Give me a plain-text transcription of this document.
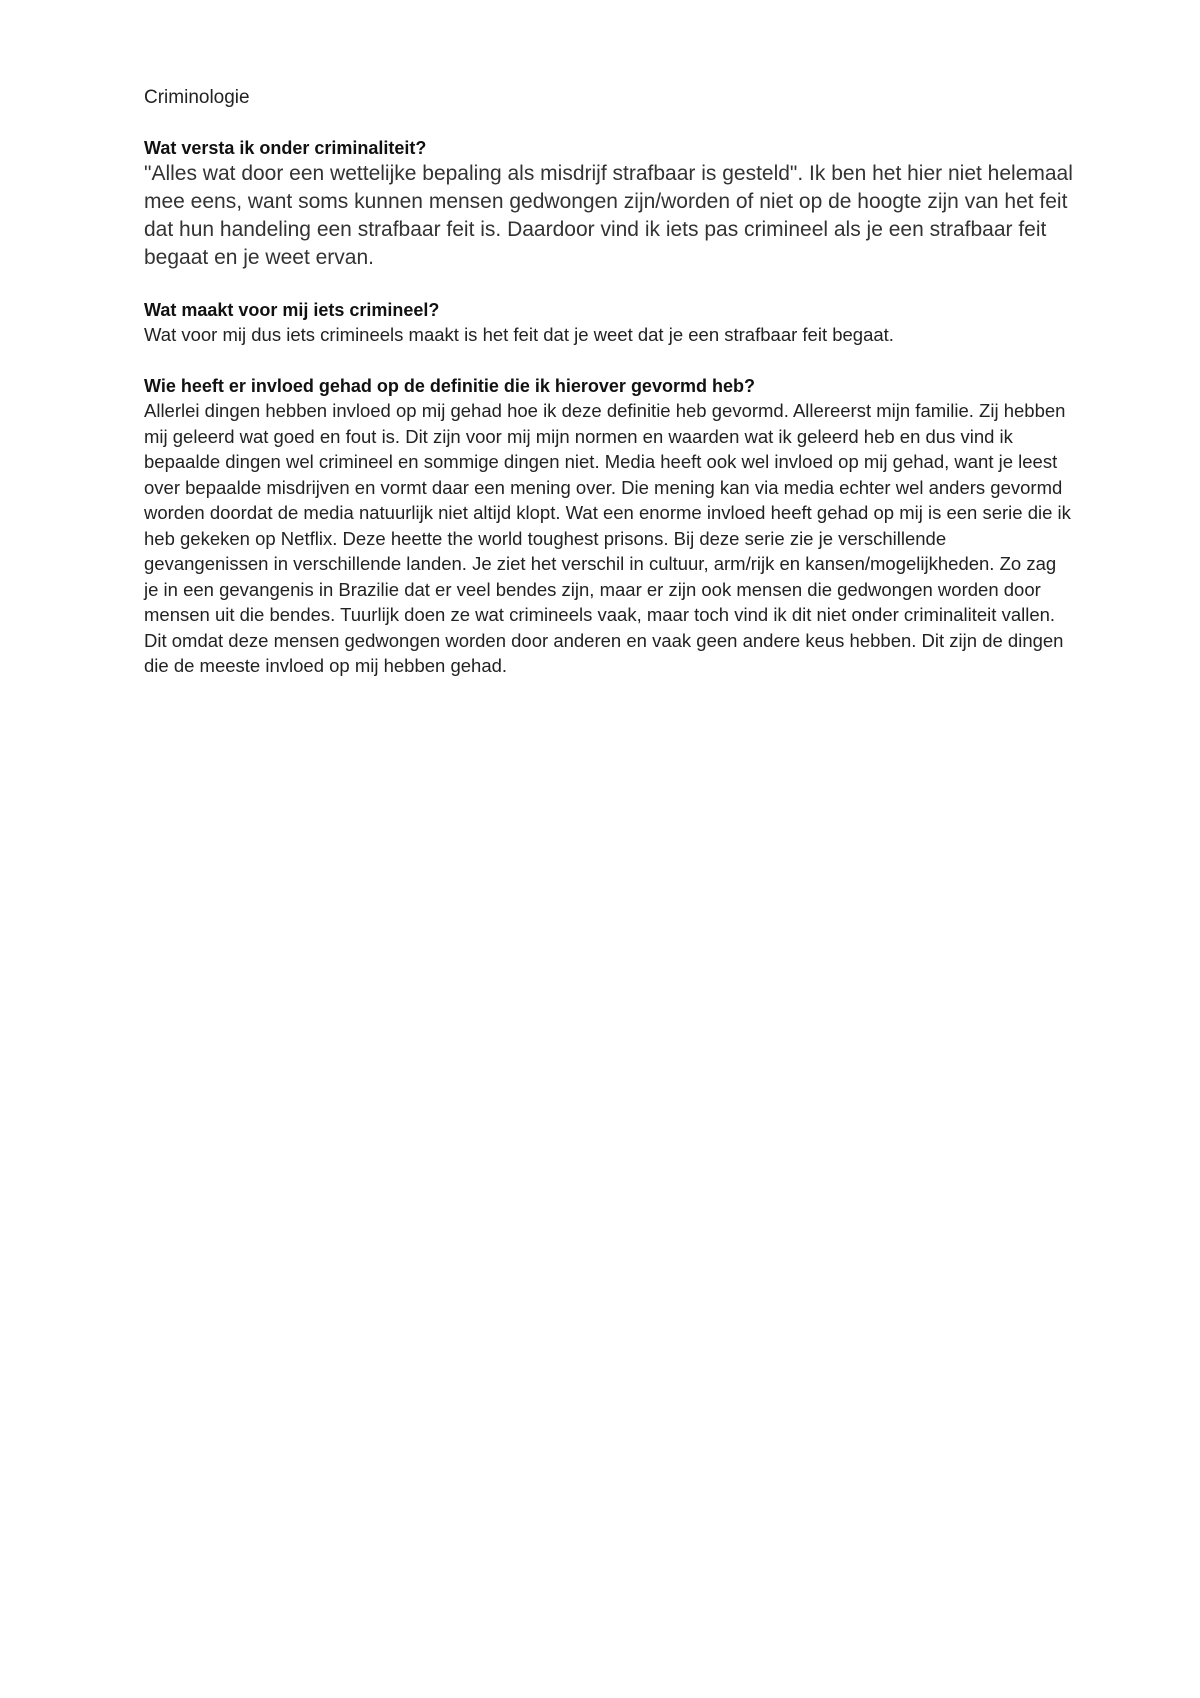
Criminologie

Wat versta ik onder criminaliteit?

"Alles wat door een wettelijke bepaling als misdrijf strafbaar is gesteld". Ik ben het hier niet helemaal mee eens, want soms kunnen mensen gedwongen zijn/worden of niet op de hoogte zijn van het feit dat hun handeling een strafbaar feit is. Daardoor vind ik iets pas crimineel als je een strafbaar feit begaat en je weet ervan.

Wat maakt voor mij iets crimineel?

Wat voor mij dus iets crimineels maakt is het feit dat je weet dat je een strafbaar feit begaat.

Wie heeft er invloed gehad op de definitie die ik hierover gevormd heb?

Allerlei dingen hebben invloed op mij gehad hoe ik deze definitie heb gevormd. Allereerst mijn familie. Zij hebben mij geleerd wat goed en fout is. Dit zijn voor mij mijn normen en waarden wat ik geleerd heb en dus vind ik bepaalde dingen wel crimineel en sommige dingen niet. Media heeft ook wel invloed op mij gehad, want je leest over bepaalde misdrijven en vormt daar een mening over. Die mening kan via media echter wel anders gevormd worden doordat de media natuurlijk niet altijd klopt. Wat een enorme invloed heeft gehad op mij is een serie die ik heb gekeken op Netflix. Deze heette the world toughest prisons. Bij deze serie zie je verschillende gevangenissen in verschillende landen. Je ziet het verschil in cultuur, arm/rijk en kansen/mogelijkheden. Zo zag je in een gevangenis in Brazilie dat er veel bendes zijn, maar er zijn ook mensen die gedwongen worden door mensen uit die bendes. Tuurlijk doen ze wat crimineels vaak, maar toch vind ik dit niet onder criminaliteit vallen. Dit omdat deze mensen gedwongen worden door anderen en vaak geen andere keus hebben. Dit zijn de dingen die de meeste invloed op mij hebben gehad.
